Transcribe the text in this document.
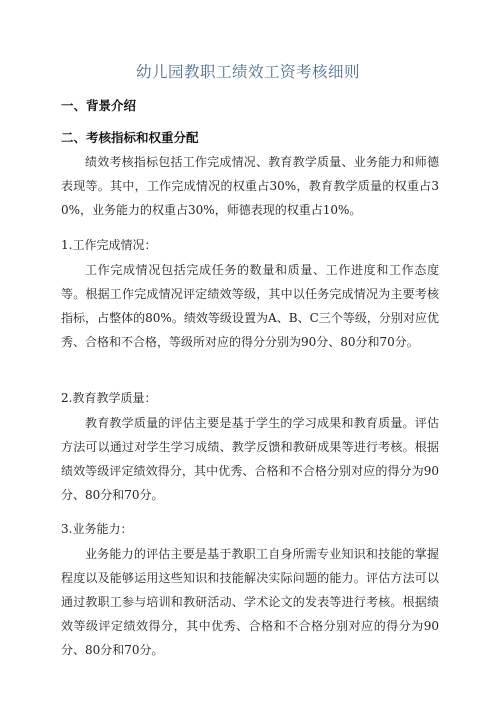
幼儿园教职工绩效工资考核细则
一、背景介绍
二、考核指标和权重分配
绩效考核指标包括工作完成情况、教育教学质量、业务能力和师德表现等。其中，工作完成情况的权重占30%，教育教学质量的权重占30%，业务能力的权重占30%，师德表现的权重占10%。
1.工作完成情况：
工作完成情况包括完成任务的数量和质量、工作进度和工作态度等。根据工作完成情况评定绩效等级，其中以任务完成情况为主要考核指标，占整体的80%。绩效等级设置为A、B、C三个等级，分别对应优秀、合格和不合格，等级所对应的得分分别为90分、80分和70分。
2.教育教学质量：
教育教学质量的评估主要是基于学生的学习成果和教育质量。评估方法可以通过对学生学习成绩、教学反馈和教研成果等进行考核。根据绩效等级评定绩效得分，其中优秀、合格和不合格分别对应的得分为90分、80分和70分。
3.业务能力：
业务能力的评估主要是基于教职工自身所需专业知识和技能的掌握程度以及能够运用这些知识和技能解决实际问题的能力。评估方法可以通过教职工参与培训和教研活动、学术论文的发表等进行考核。根据绩效等级评定绩效得分，其中优秀、合格和不合格分别对应的得分为90分、80分和70分。
